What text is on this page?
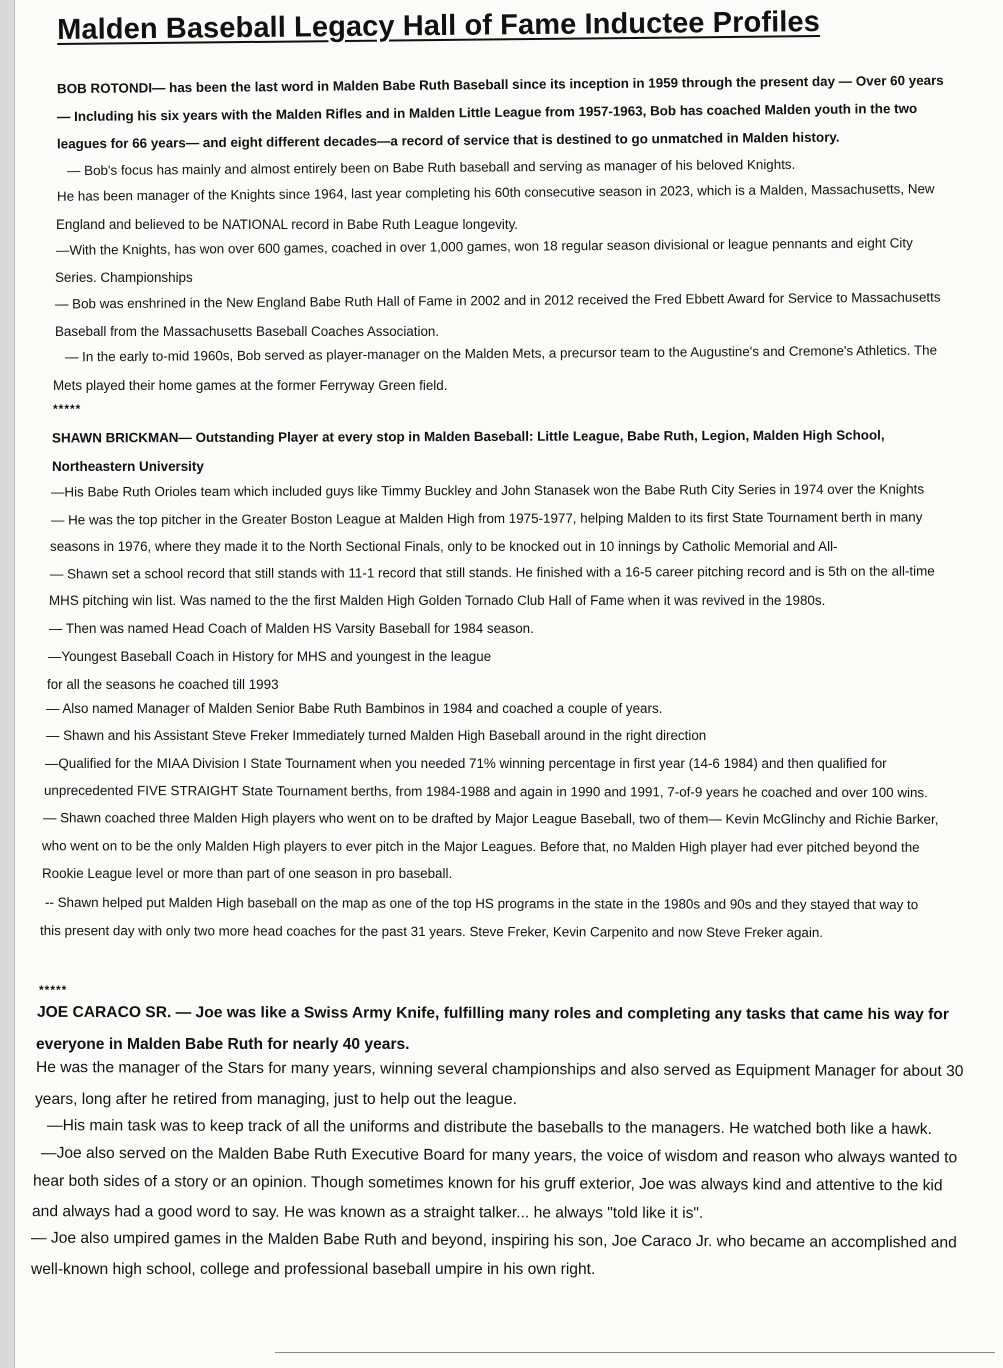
Malden Baseball Legacy Hall of Fame Inductee Profiles
BOB ROTONDI— has been the last word in Malden Babe Ruth Baseball since its inception in 1959 through the present day — Over 60 years
— Including his six years with the Malden Rifles and in Malden Little League from 1957-1963, Bob has coached Malden youth in the two
leagues for 66 years— and eight different decades—a record of service that is destined to go unmatched in Malden history.
— Bob's focus has mainly and almost entirely been on Babe Ruth baseball and serving as manager of his beloved Knights.
He has been manager of the Knights since 1964, last year completing his 60th consecutive season in 2023, which is a Malden, Massachusetts, New
England and believed to be NATIONAL record in Babe Ruth League longevity.
—With the Knights, has won over 600 games, coached in over 1,000 games, won 18 regular season divisional or league pennants and eight City
Series. Championships
— Bob was enshrined in the New England Babe Ruth Hall of Fame in 2002 and in 2012 received the Fred Ebbett Award for Service to Massachusetts
Baseball from the Massachusetts Baseball Coaches Association.
— In the early to-mid 1960s, Bob served as player-manager on the Malden Mets, a precursor team to the Augustine's and Cremone's Athletics. The
Mets played their home games at the former Ferryway Green field.
*****
SHAWN BRICKMAN— Outstanding Player at every stop in Malden Baseball: Little League, Babe Ruth, Legion, Malden High School,
Northeastern University
—His Babe Ruth Orioles team which included guys like Timmy Buckley and John Stanasek won the Babe Ruth City Series in 1974 over the Knights
— He was the top pitcher in the Greater Boston League at Malden High from 1975-1977, helping Malden to its first State Tournament berth in many
seasons in 1976, where they made it to the North Sectional Finals, only to be knocked out in 10 innings by Catholic Memorial and All-
— Shawn set a school record that still stands with 11-1 record that still stands. He finished with a 16-5 career pitching record and is 5th on the all-time
MHS pitching win list. Was named to the the first Malden High Golden Tornado Club Hall of Fame when it was revived in the 1980s.
— Then was named Head Coach of Malden HS Varsity Baseball for 1984 season.
—Youngest Baseball Coach in History for MHS and youngest in the league
for all the seasons he coached till 1993
— Also named Manager of Malden Senior Babe Ruth Bambinos in 1984 and coached a couple of years.
— Shawn and his Assistant Steve Freker Immediately turned Malden High Baseball around in the right direction
—Qualified for the MIAA Division I State Tournament when you needed 71% winning percentage in first year (14-6 1984) and then qualified for
unprecedented FIVE STRAIGHT State Tournament berths, from 1984-1988 and again in 1990 and 1991, 7-of-9 years he coached and over 100 wins.
— Shawn coached three Malden High players who went on to be drafted by Major League Baseball, two of them— Kevin McGlinchy and Richie Barker,
who went on to be the only Malden High players to ever pitch in the Major Leagues. Before that, no Malden High player had ever pitched beyond the
Rookie League level or more than part of one season in pro baseball.
-- Shawn helped put Malden High baseball on the map as one of the top HS programs in the state in the 1980s and 90s and they stayed that way to
this present day with only two more head coaches for the past 31 years. Steve Freker, Kevin Carpenito and now Steve Freker again.
*****
JOE CARACO SR. — Joe was like a Swiss Army Knife, fulfilling many roles and completing any tasks that came his way for
everyone in Malden Babe Ruth for nearly 40 years.
He was the manager of the Stars for many years, winning several championships and also served as Equipment Manager for about 30
years, long after he retired from managing, just to help out the league.
—His main task was to keep track of all the uniforms and distribute the baseballs to the managers. He watched both like a hawk.
—Joe also served on the Malden Babe Ruth Executive Board for many years, the voice of wisdom and reason who always wanted to
hear both sides of a story or an opinion. Though sometimes known for his gruff exterior, Joe was always kind and attentive to the kid
and always had a good word to say. He was known as a straight talker... he always "told like it is".
— Joe also umpired games in the Malden Babe Ruth and beyond, inspiring his son, Joe Caraco Jr. who became an accomplished and
well-known high school, college and professional baseball umpire in his own right.
